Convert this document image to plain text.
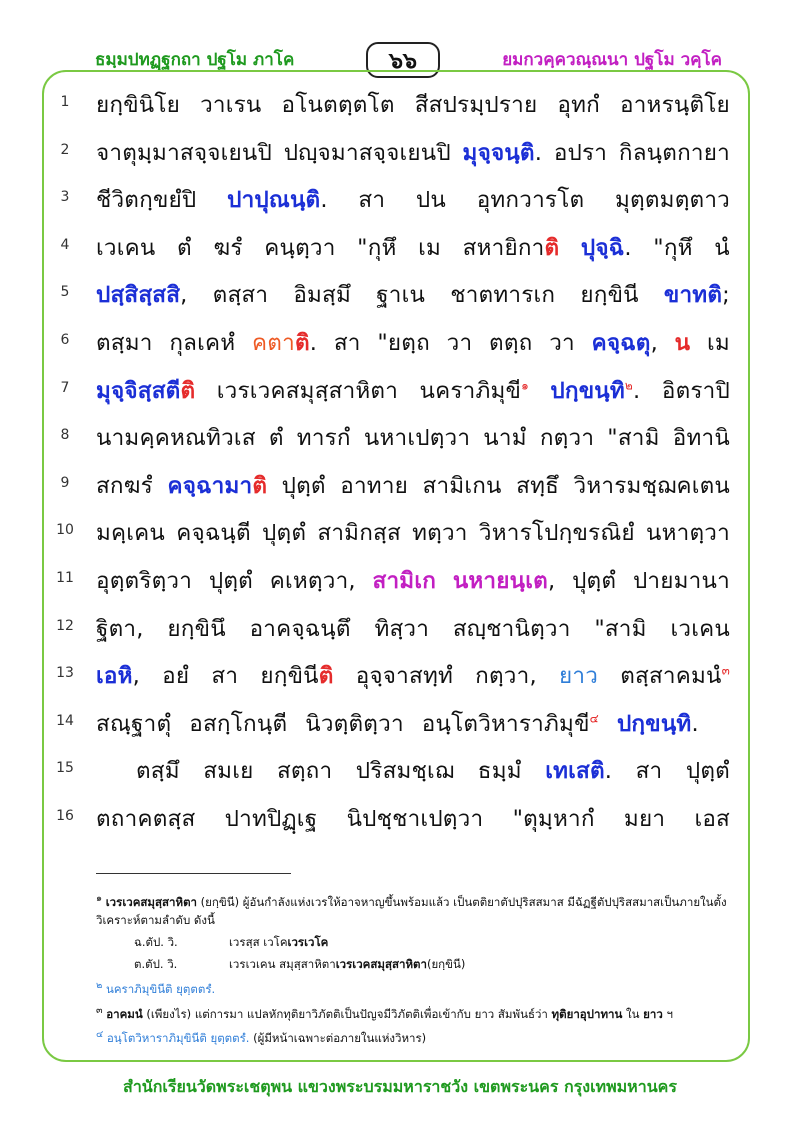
ธมฺมปทฏฺฐกถา ปฐโม ภาโค	๖๖	ยมกวคฺควณฺณนา ปฐโม วคฺโค
1	ยกฺขินิโย วาเรน อโนตตฺตโต สีสปรมฺปราย อุทกํ อาหรนฺติโย
2	จาตุมฺมาสจฺจเยนปิ ปญฺจมาสจฺจเยนปิ มุจฺจนฺติ. อปรา กิลนฺตกายา
3	ชีวิตกฺขยํปิ ปาปุณนฺติ. สา ปน อุทกวารโต มุตฺตมตฺตาว
4	เวเคน ตํ ฆรํ คนฺตฺวา "กุหึ เม สหายิกาติ ปุจฺฉิ. "กุหึ นํ
5	ปสฺสิสฺสสิ, ตสฺสา อิมสฺมึ ฐาเน ชาตทารเก ยกฺขินี ขาทติ;
6	ตสฺมา กุลเคหํ คตาติ. สา "ยตฺถ วา ตตฺถ วา คจฺฉตุ, น เม
7	มุจฺจิสฺสตีติ เวรเวคสมุสฺสาหิตา นคราภิมุขี$^๑$ ปกฺขนฺทิ$^๒$. อิตราปิ
8	นามคฺคหณทิวเส ตํ ทารกํ นหาเปตฺวา นามํ กตฺวา "สามิ อิทานิ
9	สกฆรํ คจฺฉามาติ ปุตฺตํ อาทาย สามิเกน สทฺธึ วิหารมชฺฌคเตน
10 มคฺเคน คจฺฉนฺตี ปุตฺตํ สามิกสฺส ทตฺวา วิหารโปกฺขรณิยํ นหาตฺวา
11 อุตฺตริตฺวา ปุตฺตํ คเหตฺวา, สามิเก นหายนฺเต, ปุตฺตํ ปายมานา
12 ฐิตา, ยกฺขินึ อาคจฺฉนฺตึ ทิสฺวา สญฺชานิตฺวา "สามิ เวเคน
13 เอหิ, อยํ สา ยกฺขินีติ อุจฺจาสทฺทํ กตฺวา, ยาว ตสฺสาคมนํ$^๓$
14 สณฺฐาตุํ อสกฺโกนฺตี นิวตฺติตฺวา อนฺโตวิหาราภิมุขี$^๔$ ปกฺขนฺทิ.
15	ตสฺมึ สมเย สตฺถา ปริสมชฺเฌ ธมฺมํ เทเสติ. สา ปุตฺตํ
16 ตถาคตสฺส ปาทปิฏฺเฐ นิปชฺชาเปตฺวา "ตุมฺหากํ มยา เอส
$^๑$ เวรเวคสมุสฺสาหิตา (ยกฺขินี) ผู้อันกำลังแห่งเวรให้อาจหาญขึ้นพร้อมแล้ว เป็นตติยาตัปปุริสสมาส มีฉัฏฐีตัปปุริสสมาสเป็นภายในตั้งวิเคราะห์ตามลำดับ ดังนี้
ฉ.ตัป. วิ.	เวรสฺส เวโค เวรเวโค
ต.ตัป. วิ.	เวรเวเคน สมุสฺสาหิตา เวรเวคสมุสฺสาหิตา (ยกฺขินี)
$^๒$ นคราภิมุขินีติ ยุตฺตตรํ.
$^๓$ อาคมนํ (เพียงไร) แต่การมา แปลหักทุติยาวิภัตติเป็นปัญจมีวิภัตติเพื่อเข้ากับ ยาว สัมพันธ์ว่า ทุติยาอุปาทาน ใน ยาว ฯ
$^๔$ อนฺโตวิหาราภิมุขินีติ ยุตฺตตรํ. (ผู้มีหน้าเฉพาะต่อภายในแห่งวิหาร)
สำนักเรียนวัดพระเชตุพน แขวงพระบรมมหาราชวัง เขตพระนคร กรุงเทพมหานคร
